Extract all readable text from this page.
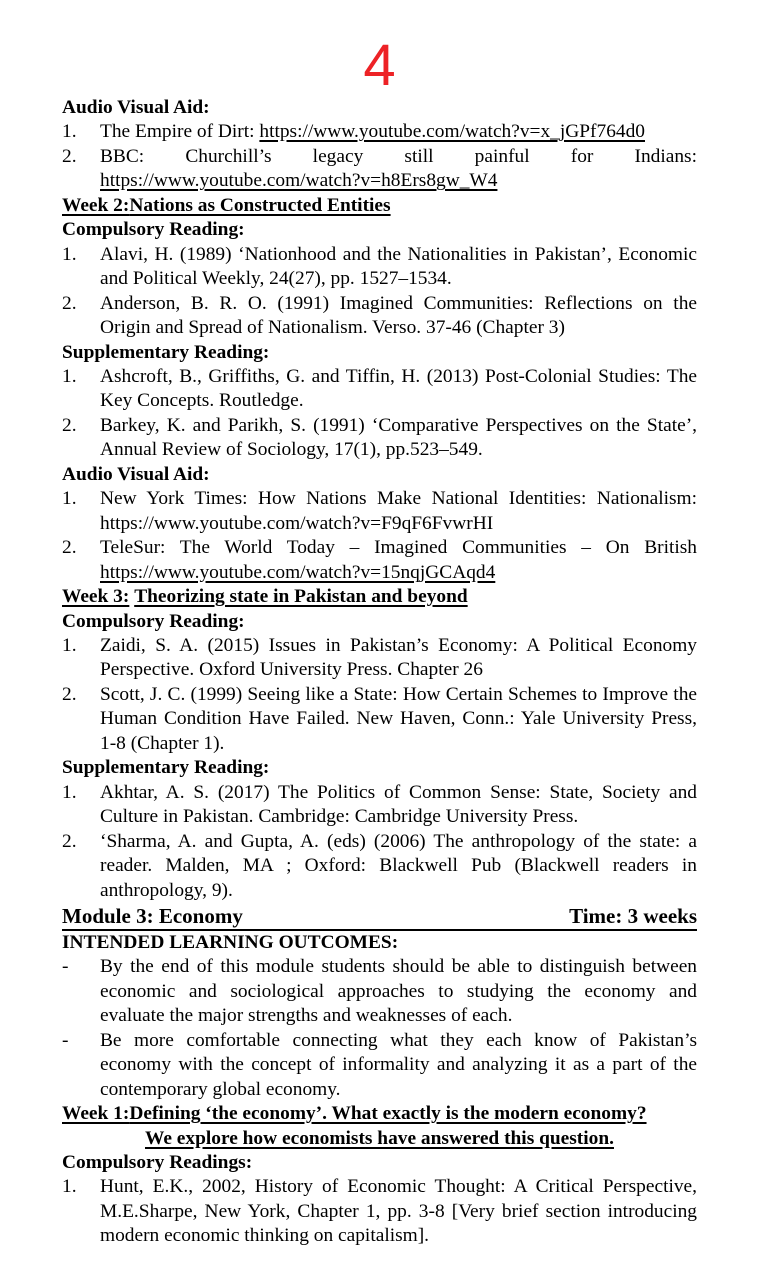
4
Audio Visual Aid:
1.	The Empire of Dirt: https://www.youtube.com/watch?v=x_jGPf764d0
2.	BBC: Churchill’s legacy still painful for Indians: https://www.youtube.com/watch?v=h8Ers8gw_W4
Week 2:Nations as Constructed Entities
Compulsory Reading:
1.	Alavi, H. (1989) ‘Nationhood and the Nationalities in Pakistan’, Economic and Political Weekly, 24(27), pp. 1527–1534.
2.	Anderson, B. R. O. (1991) Imagined Communities: Reflections on the Origin and Spread of Nationalism. Verso. 37-46 (Chapter 3)
Supplementary Reading:
1.	Ashcroft, B., Griffiths, G. and Tiffin, H. (2013) Post-Colonial Studies: The Key Concepts. Routledge.
2.	Barkey, K. and Parikh, S. (1991) ‘Comparative Perspectives on the State’, Annual Review of Sociology, 17(1), pp.523–549.
Audio Visual Aid:
1.	New York Times: How Nations Make National Identities: Nationalism: https://www.youtube.com/watch?v=F9qF6FvwrHI
2.	TeleSur: The World Today – Imagined Communities – On British https://www.youtube.com/watch?v=15nqjGCAqd4
Week 3: Theorizing state in Pakistan and beyond
Compulsory Reading:
1.	Zaidi, S. A. (2015) Issues in Pakistan’s Economy: A Political Economy Perspective. Oxford University Press. Chapter 26
2.	Scott, J. C. (1999) Seeing like a State: How Certain Schemes to Improve the Human Condition Have Failed. New Haven, Conn.: Yale University Press, 1-8 (Chapter 1).
Supplementary Reading:
1.	Akhtar, A. S. (2017) The Politics of Common Sense: State, Society and Culture in Pakistan. Cambridge: Cambridge University Press.
2.	‘Sharma, A. and Gupta, A. (eds) (2006) The anthropology of the state: a reader. Malden, MA ; Oxford: Blackwell Pub (Blackwell readers in anthropology, 9).
Module 3: Economy	Time: 3 weeks
INTENDED LEARNING OUTCOMES:
-	By the end of this module students should be able to distinguish between economic and sociological approaches to studying the economy and evaluate the major strengths and weaknesses of each.
-	Be more comfortable connecting what they each know of Pakistan’s economy with the concept of informality and analyzing it as a part of the contemporary global economy.
Week 1:Defining ‘the economy’. What exactly is the modern economy?
We explore how economists have answered this question.
Compulsory Readings:
1.	Hunt, E.K., 2002, History of Economic Thought: A Critical Perspective, M.E.Sharpe, New York, Chapter 1, pp. 3-8 [Very brief section introducing modern economic thinking on capitalism].
